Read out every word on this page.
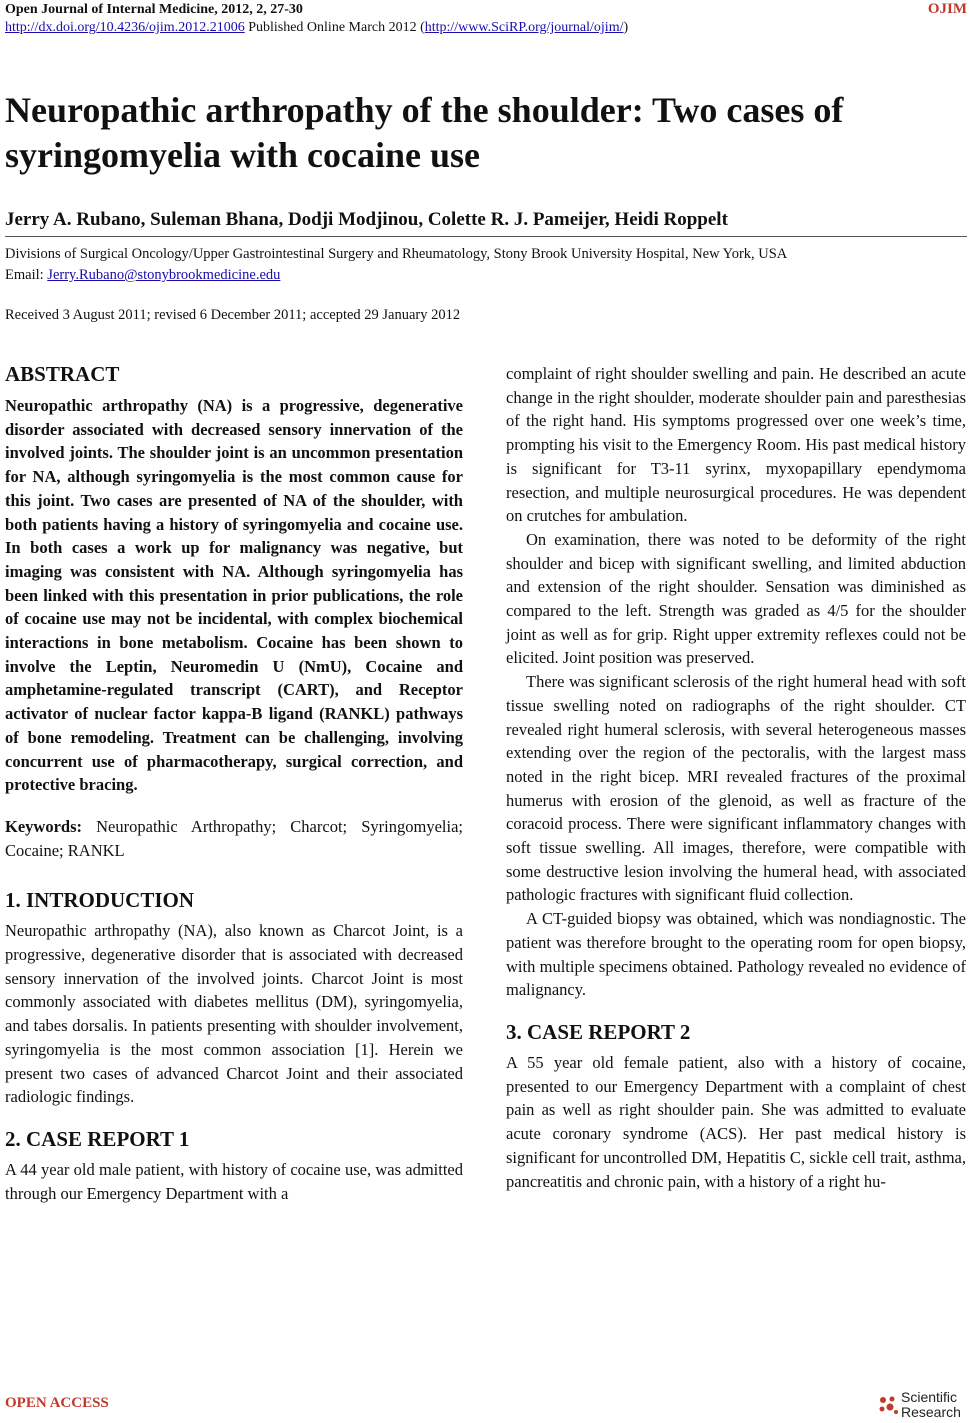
Open Journal of Internal Medicine, 2012, 2, 27-30	OJIM
http://dx.doi.org/10.4236/ojim.2012.21006 Published Online March 2012 (http://www.SciRP.org/journal/ojim/)
Neuropathic arthropathy of the shoulder: Two cases of syringomyelia with cocaine use
Jerry A. Rubano, Suleman Bhana, Dodji Modjinou, Colette R. J. Pameijer, Heidi Roppelt
Divisions of Surgical Oncology/Upper Gastrointestinal Surgery and Rheumatology, Stony Brook University Hospital, New York, USA
Email: Jerry.Rubano@stonybrookmedicine.edu
Received 3 August 2011; revised 6 December 2011; accepted 29 January 2012
ABSTRACT

Neuropathic arthropathy (NA) is a progressive, degenerative disorder associated with decreased sensory innervation of the involved joints. The shoulder joint is an uncommon presentation for NA, although syringomyelia is the most common cause for this joint. Two cases are presented of NA of the shoulder, with both patients having a history of syringomyelia and cocaine use. In both cases a work up for malignancy was negative, but imaging was consistent with NA. Although syringomyelia has been linked with this presentation in prior publications, the role of cocaine use may not be incidental, with complex biochemical interactions in bone metabolism. Cocaine has been shown to involve the Leptin, Neuromedin U (NmU), Cocaine and amphetamine-regulated transcript (CART), and Receptor activator of nuclear factor kappa-B ligand (RANKL) pathways of bone remodeling. Treatment can be challenging, involving concurrent use of pharmacotherapy, surgical correction, and protective bracing.

Keywords: Neuropathic Arthropathy; Charcot; Syringomyelia; Cocaine; RANKL

1. INTRODUCTION

Neuropathic arthropathy (NA), also known as Charcot Joint, is a progressive, degenerative disorder that is associated with decreased sensory innervation of the involved joints. Charcot Joint is most commonly associated with diabetes mellitus (DM), syringomyelia, and tabes dorsalis. In patients presenting with shoulder involvement, syringomyelia is the most common association [1]. Herein we present two cases of advanced Charcot Joint and their associated radiologic findings.

2. CASE REPORT 1

A 44 year old male patient, with history of cocaine use, was admitted through our Emergency Department with a

complaint of right shoulder swelling and pain. He described an acute change in the right shoulder, moderate shoulder pain and paresthesias of the right hand. His symptoms progressed over one week’s time, prompting his visit to the Emergency Room. His past medical history is significant for T3-11 syrinx, myxopapillary ependymoma resection, and multiple neurosurgical procedures. He was dependent on crutches for ambulation.

On examination, there was noted to be deformity of the right shoulder and bicep with significant swelling, and limited abduction and extension of the right shoulder. Sensation was diminished as compared to the left. Strength was graded as 4/5 for the shoulder joint as well as for grip. Right upper extremity reflexes could not be elicited. Joint position was preserved.

There was significant sclerosis of the right humeral head with soft tissue swelling noted on radiographs of the right shoulder. CT revealed right humeral sclerosis, with several heterogeneous masses extending over the region of the pectoralis, with the largest mass noted in the right bicep. MRI revealed fractures of the proximal humerus with erosion of the glenoid, as well as fracture of the coracoid process. There were significant inflammatory changes with soft tissue swelling. All images, therefore, were compatible with some destructive lesion involving the humeral head, with associated pathologic fractures with significant fluid collection.

A CT-guided biopsy was obtained, which was nondiagnostic. The patient was therefore brought to the operating room for open biopsy, with multiple specimens obtained. Pathology revealed no evidence of malignancy.

3. CASE REPORT 2

A 55 year old female patient, also with a history of cocaine, presented to our Emergency Department with a complaint of chest pain as well as right shoulder pain. She was admitted to evaluate acute coronary syndrome (ACS). Her past medical history is significant for uncontrolled DM, Hepatitis C, sickle cell trait, asthma, pancreatitis and chronic pain, with a history of a right hu-

OPEN ACCESS	Scientific
Research
